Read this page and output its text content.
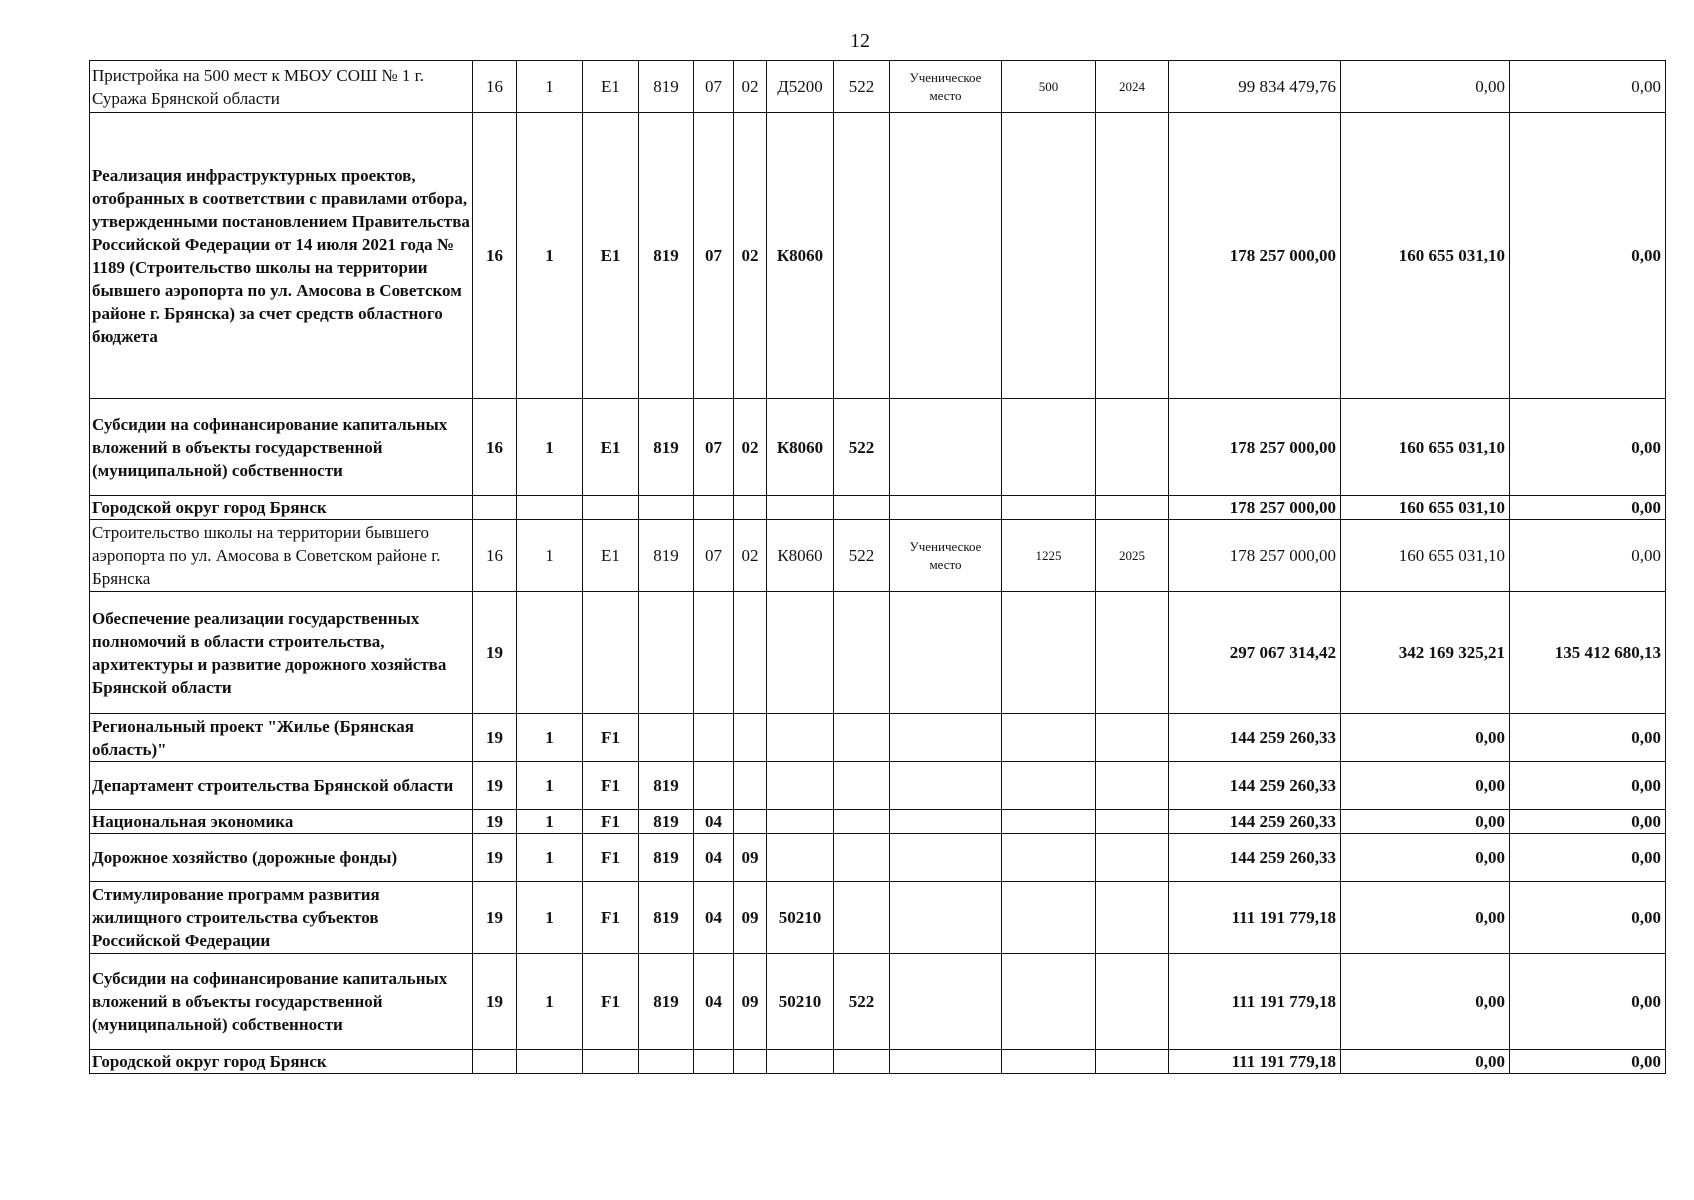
12
Пристройка на 500 мест к МБОУ СОШ № 1 г. Суража Брянской области	16	1	E1	819	07	02	Д5200	522	Ученическое место	500	2024	99 834 479,76	0,00	0,00
Реализация инфраструктурных проектов, отобранных в соответствии с правилами отбора, утвержденными постановлением Правительства Российской Федерации от 14 июля 2021 года № 1189 (Строительство школы на территории бывшего аэропорта по ул. Амосова в Советском районе г. Брянска) за счет средств областного бюджета	16	1	E1	819	07	02	К8060					178 257 000,00	160 655 031,10	0,00
Субсидии на софинансирование капитальных вложений в объекты государственной (муниципальной) собственности	16	1	E1	819	07	02	К8060	522				178 257 000,00	160 655 031,10	0,00
Городской округ город Брянск												178 257 000,00	160 655 031,10	0,00
Строительство школы на территории бывшего аэропорта по ул. Амосова в Советском районе г. Брянска	16	1	E1	819	07	02	К8060	522	Ученическое место	1225	2025	178 257 000,00	160 655 031,10	0,00
Обеспечение реализации государственных полномочий в области строительства, архитектуры и развитие дорожного хозяйства Брянской области	19											297 067 314,42	342 169 325,21	135 412 680,13
Региональный проект "Жилье (Брянская область)"	19	1	F1									144 259 260,33	0,00	0,00
Департамент строительства Брянской области	19	1	F1	819								144 259 260,33	0,00	0,00
Национальная экономика	19	1	F1	819	04							144 259 260,33	0,00	0,00
Дорожное хозяйство (дорожные фонды)	19	1	F1	819	04	09						144 259 260,33	0,00	0,00
Стимулирование программ развития жилищного строительства субъектов Российской Федерации	19	1	F1	819	04	09	50210					111 191 779,18	0,00	0,00
Субсидии на софинансирование капитальных вложений в объекты государственной (муниципальной) собственности	19	1	F1	819	04	09	50210	522				111 191 779,18	0,00	0,00
Городской округ город Брянск												111 191 779,18	0,00	0,00
